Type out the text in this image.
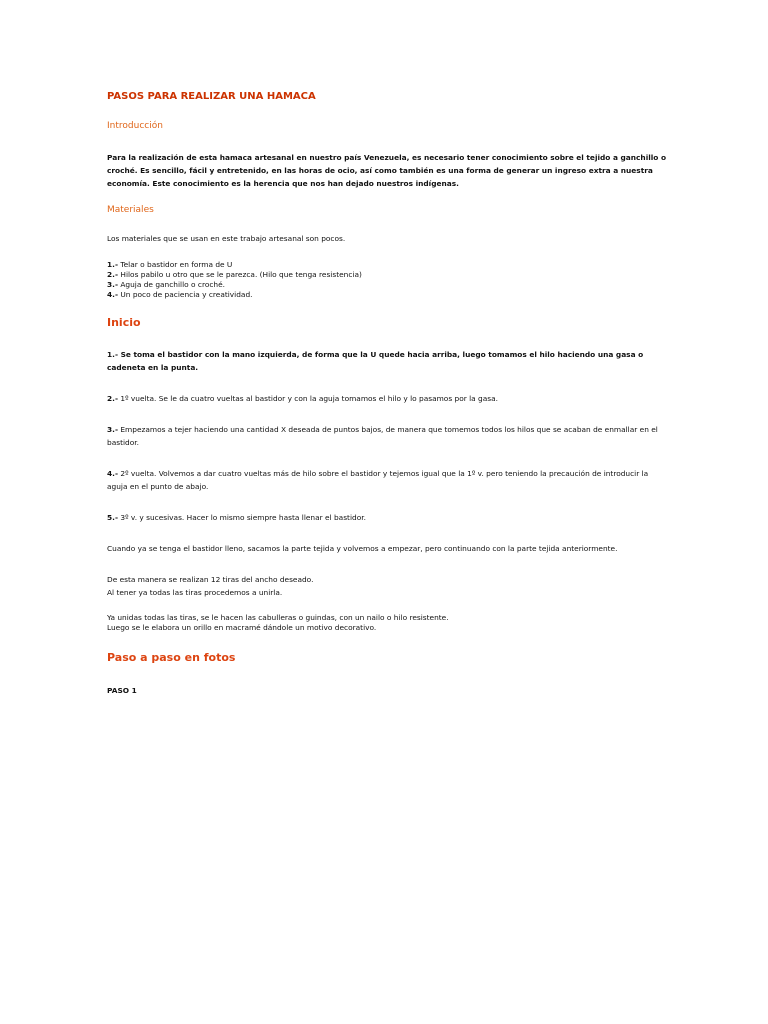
PASOS PARA REALIZAR UNA HAMACA
Introducción
Para la realización de esta hamaca artesanal en nuestro país Venezuela, es necesario tener conocimiento sobre el tejido a ganchillo o croché. Es sencillo, fácil y entretenido, en las horas de ocio, así como también es una forma de generar un ingreso extra a nuestra economía. Este conocimiento es la herencia que nos han dejado nuestros indígenas.
Materiales
Los materiales que se usan en este trabajo artesanal son pocos.
1.- Telar o bastidor en forma de U
2.- Hilos pabilo u otro que se le parezca. (Hilo que tenga resistencia)
3.- Aguja de ganchillo o croché.
4.- Un poco de paciencia y creatividad.
Inicio
1.- Se toma el bastidor con la mano izquierda, de forma que la U quede hacia arriba, luego tomamos el hilo haciendo una gasa o cadeneta en la punta.
2.- 1º vuelta. Se le da cuatro vueltas al bastidor y con la aguja tomamos el hilo y lo pasamos por la gasa.
3.- Empezamos a tejer haciendo una cantidad X deseada de puntos bajos, de manera que tomemos todos los hilos que se acaban de enmallar en el bastidor.
4.- 2º vuelta. Volvemos a dar cuatro vueltas más de hilo sobre el bastidor y tejemos igual que la 1º v. pero teniendo la precaución de introducir la aguja en el punto de abajo.
5.- 3º v. y sucesivas. Hacer lo mismo siempre hasta llenar el bastidor.
Cuando ya se tenga el bastidor lleno, sacamos la parte tejida y volvemos a empezar, pero continuando con la parte tejida anteriormente.
De esta manera se realizan 12 tiras del ancho deseado.
Al tener ya todas las tiras procedemos a unirla.
Ya unidas todas las tiras, se le hacen las cabulleras o guindas, con un nailo o hilo resistente.
Luego se le elabora un orillo en macramé dándole un motivo decorativo.
Paso a paso en fotos
PASO 1
